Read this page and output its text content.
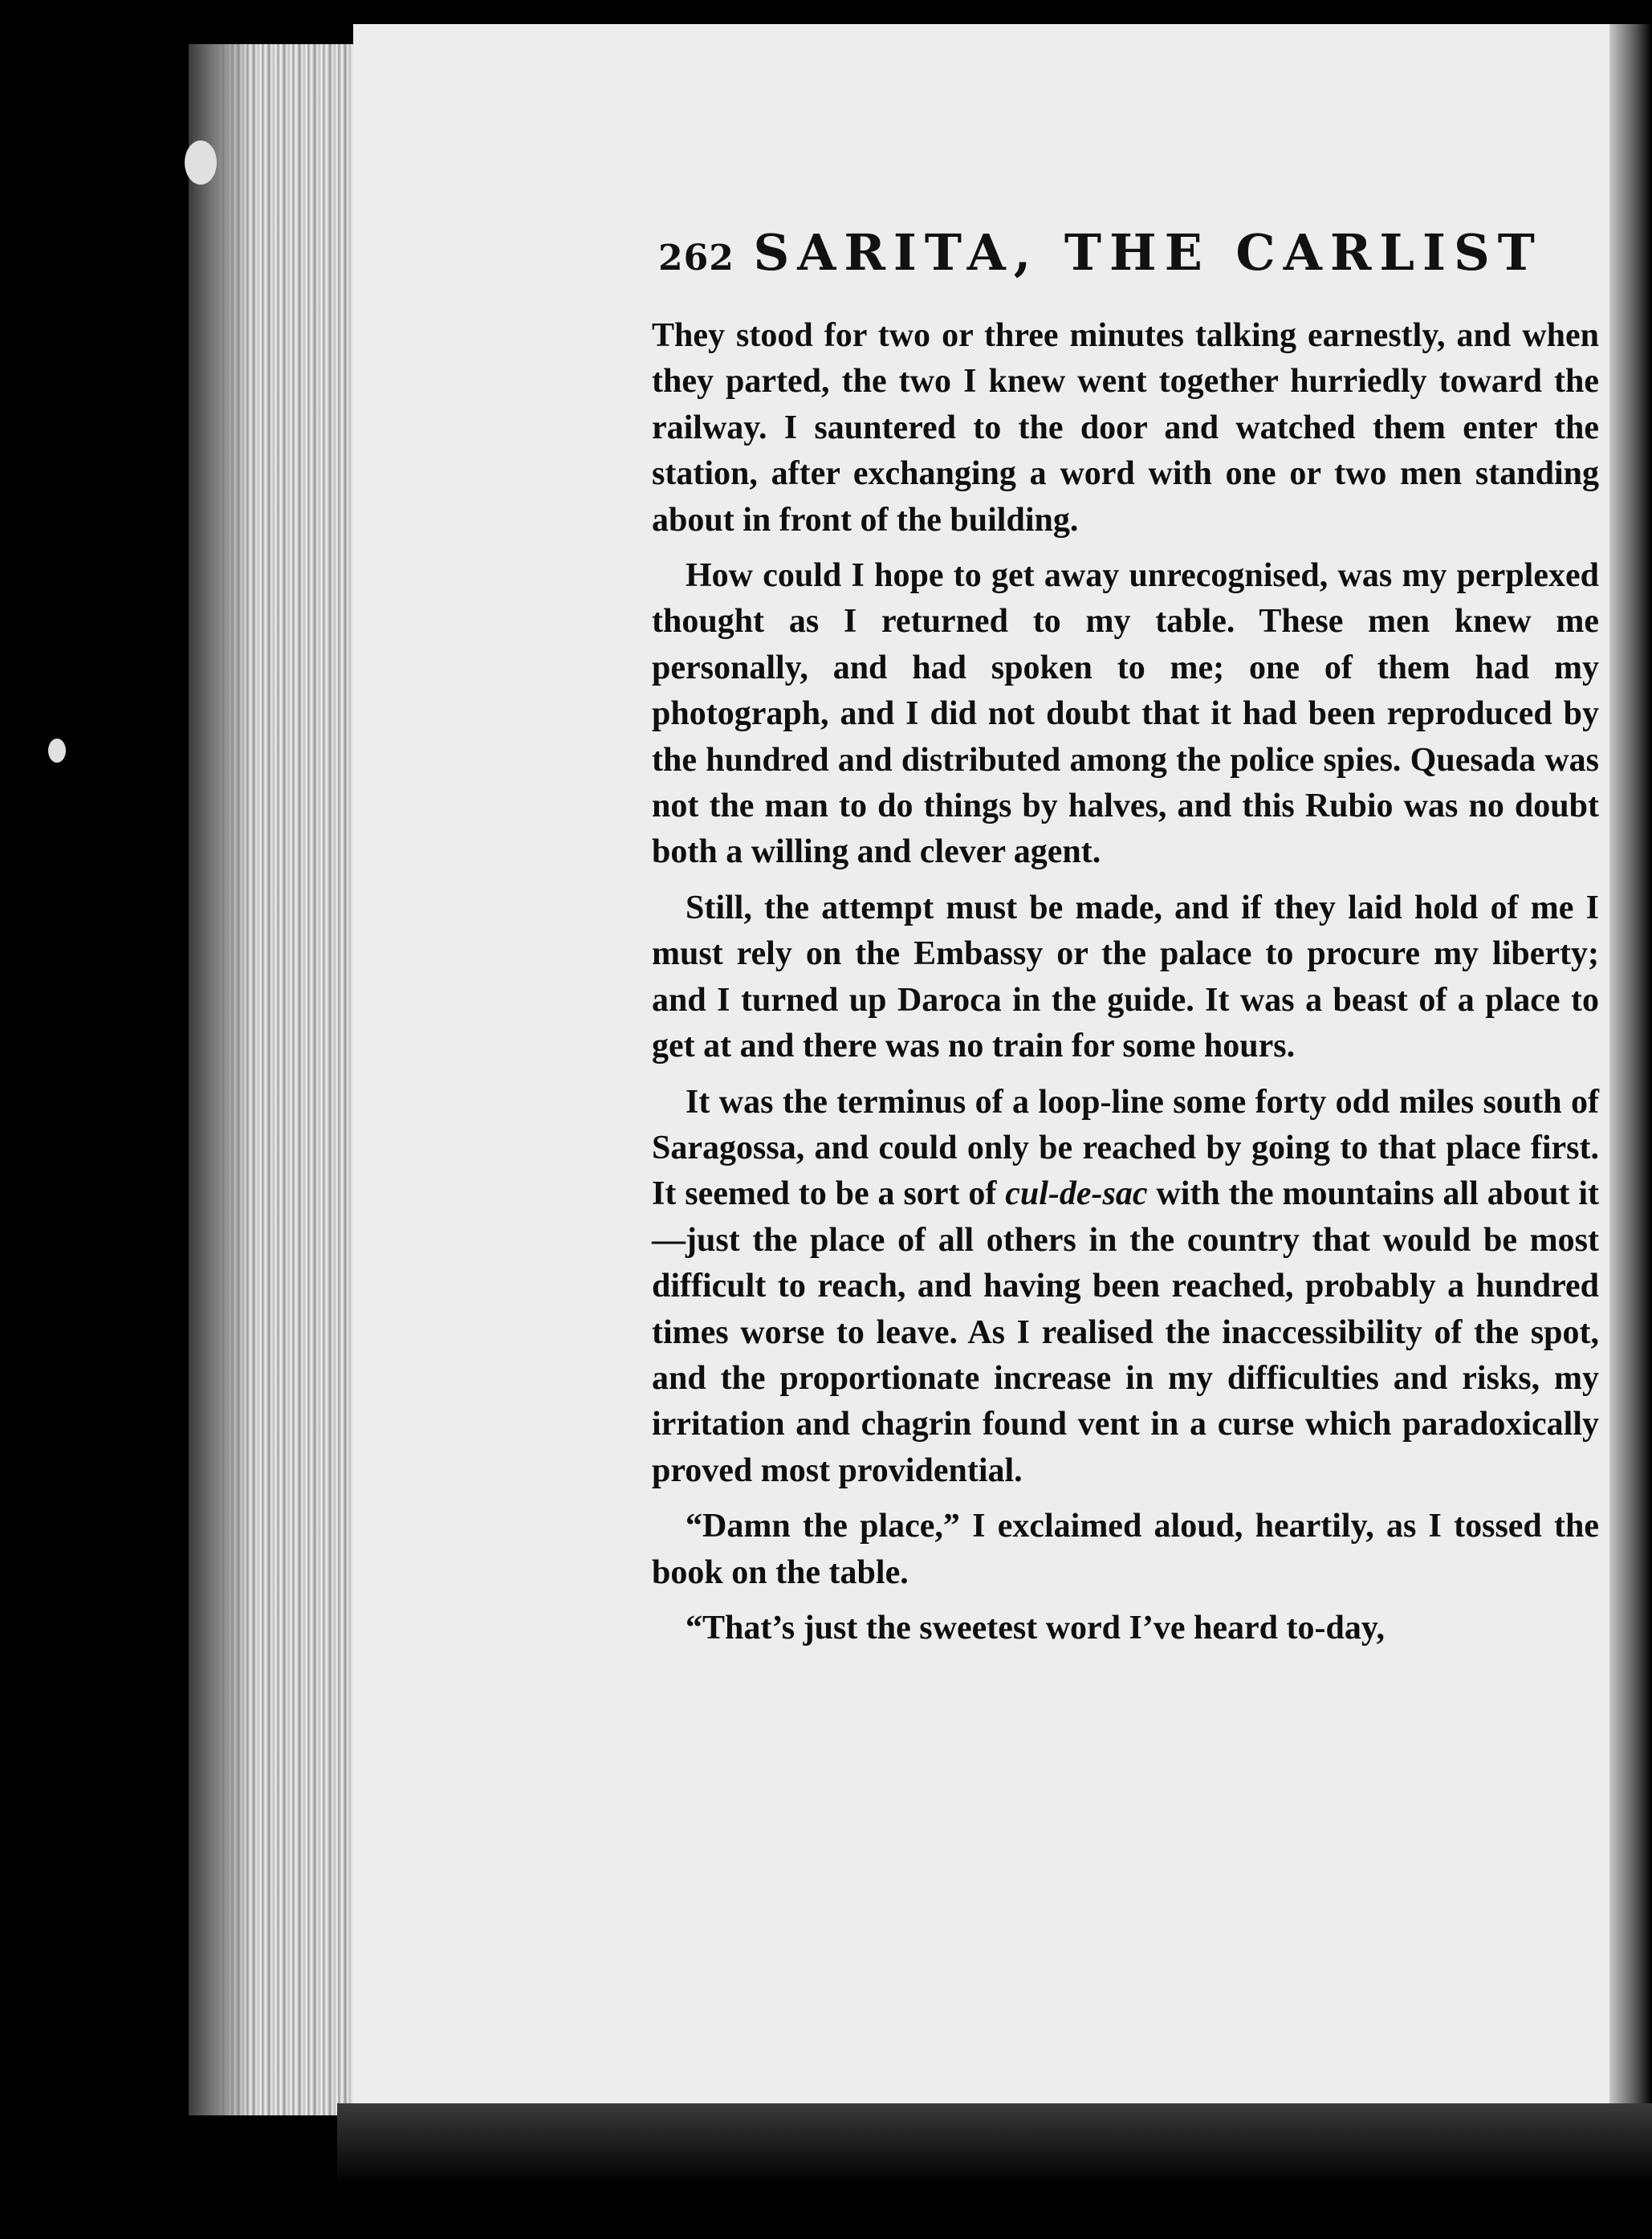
262 SARITA, THE CARLIST

They stood for two or three minutes talking earnestly, and when they parted, the two I knew went together hurriedly toward the railway. I sauntered to the door and watched them enter the station, after exchanging a word with one or two men standing about in front of the building.

How could I hope to get away unrecognised, was my perplexed thought as I returned to my table. These men knew me personally, and had spoken to me; one of them had my photograph, and I did not doubt that it had been reproduced by the hundred and distributed among the police spies. Quesada was not the man to do things by halves, and this Rubio was no doubt both a willing and clever agent.

Still, the attempt must be made, and if they laid hold of me I must rely on the Embassy or the palace to procure my liberty; and I turned up Daroca in the guide. It was a beast of a place to get at and there was no train for some hours.

It was the terminus of a loop-line some forty odd miles south of Saragossa, and could only be reached by going to that place first. It seemed to be a sort of cul-de-sac with the mountains all about it—just the place of all others in the country that would be most difficult to reach, and having been reached, probably a hundred times worse to leave. As I realised the inaccessibility of the spot, and the proportionate increase in my difficulties and risks, my irritation and chagrin found vent in a curse which paradoxically proved most providential.

“Damn the place,” I exclaimed aloud, heartily, as I tossed the book on the table.

“That’s just the sweetest word I’ve heard to-day,
